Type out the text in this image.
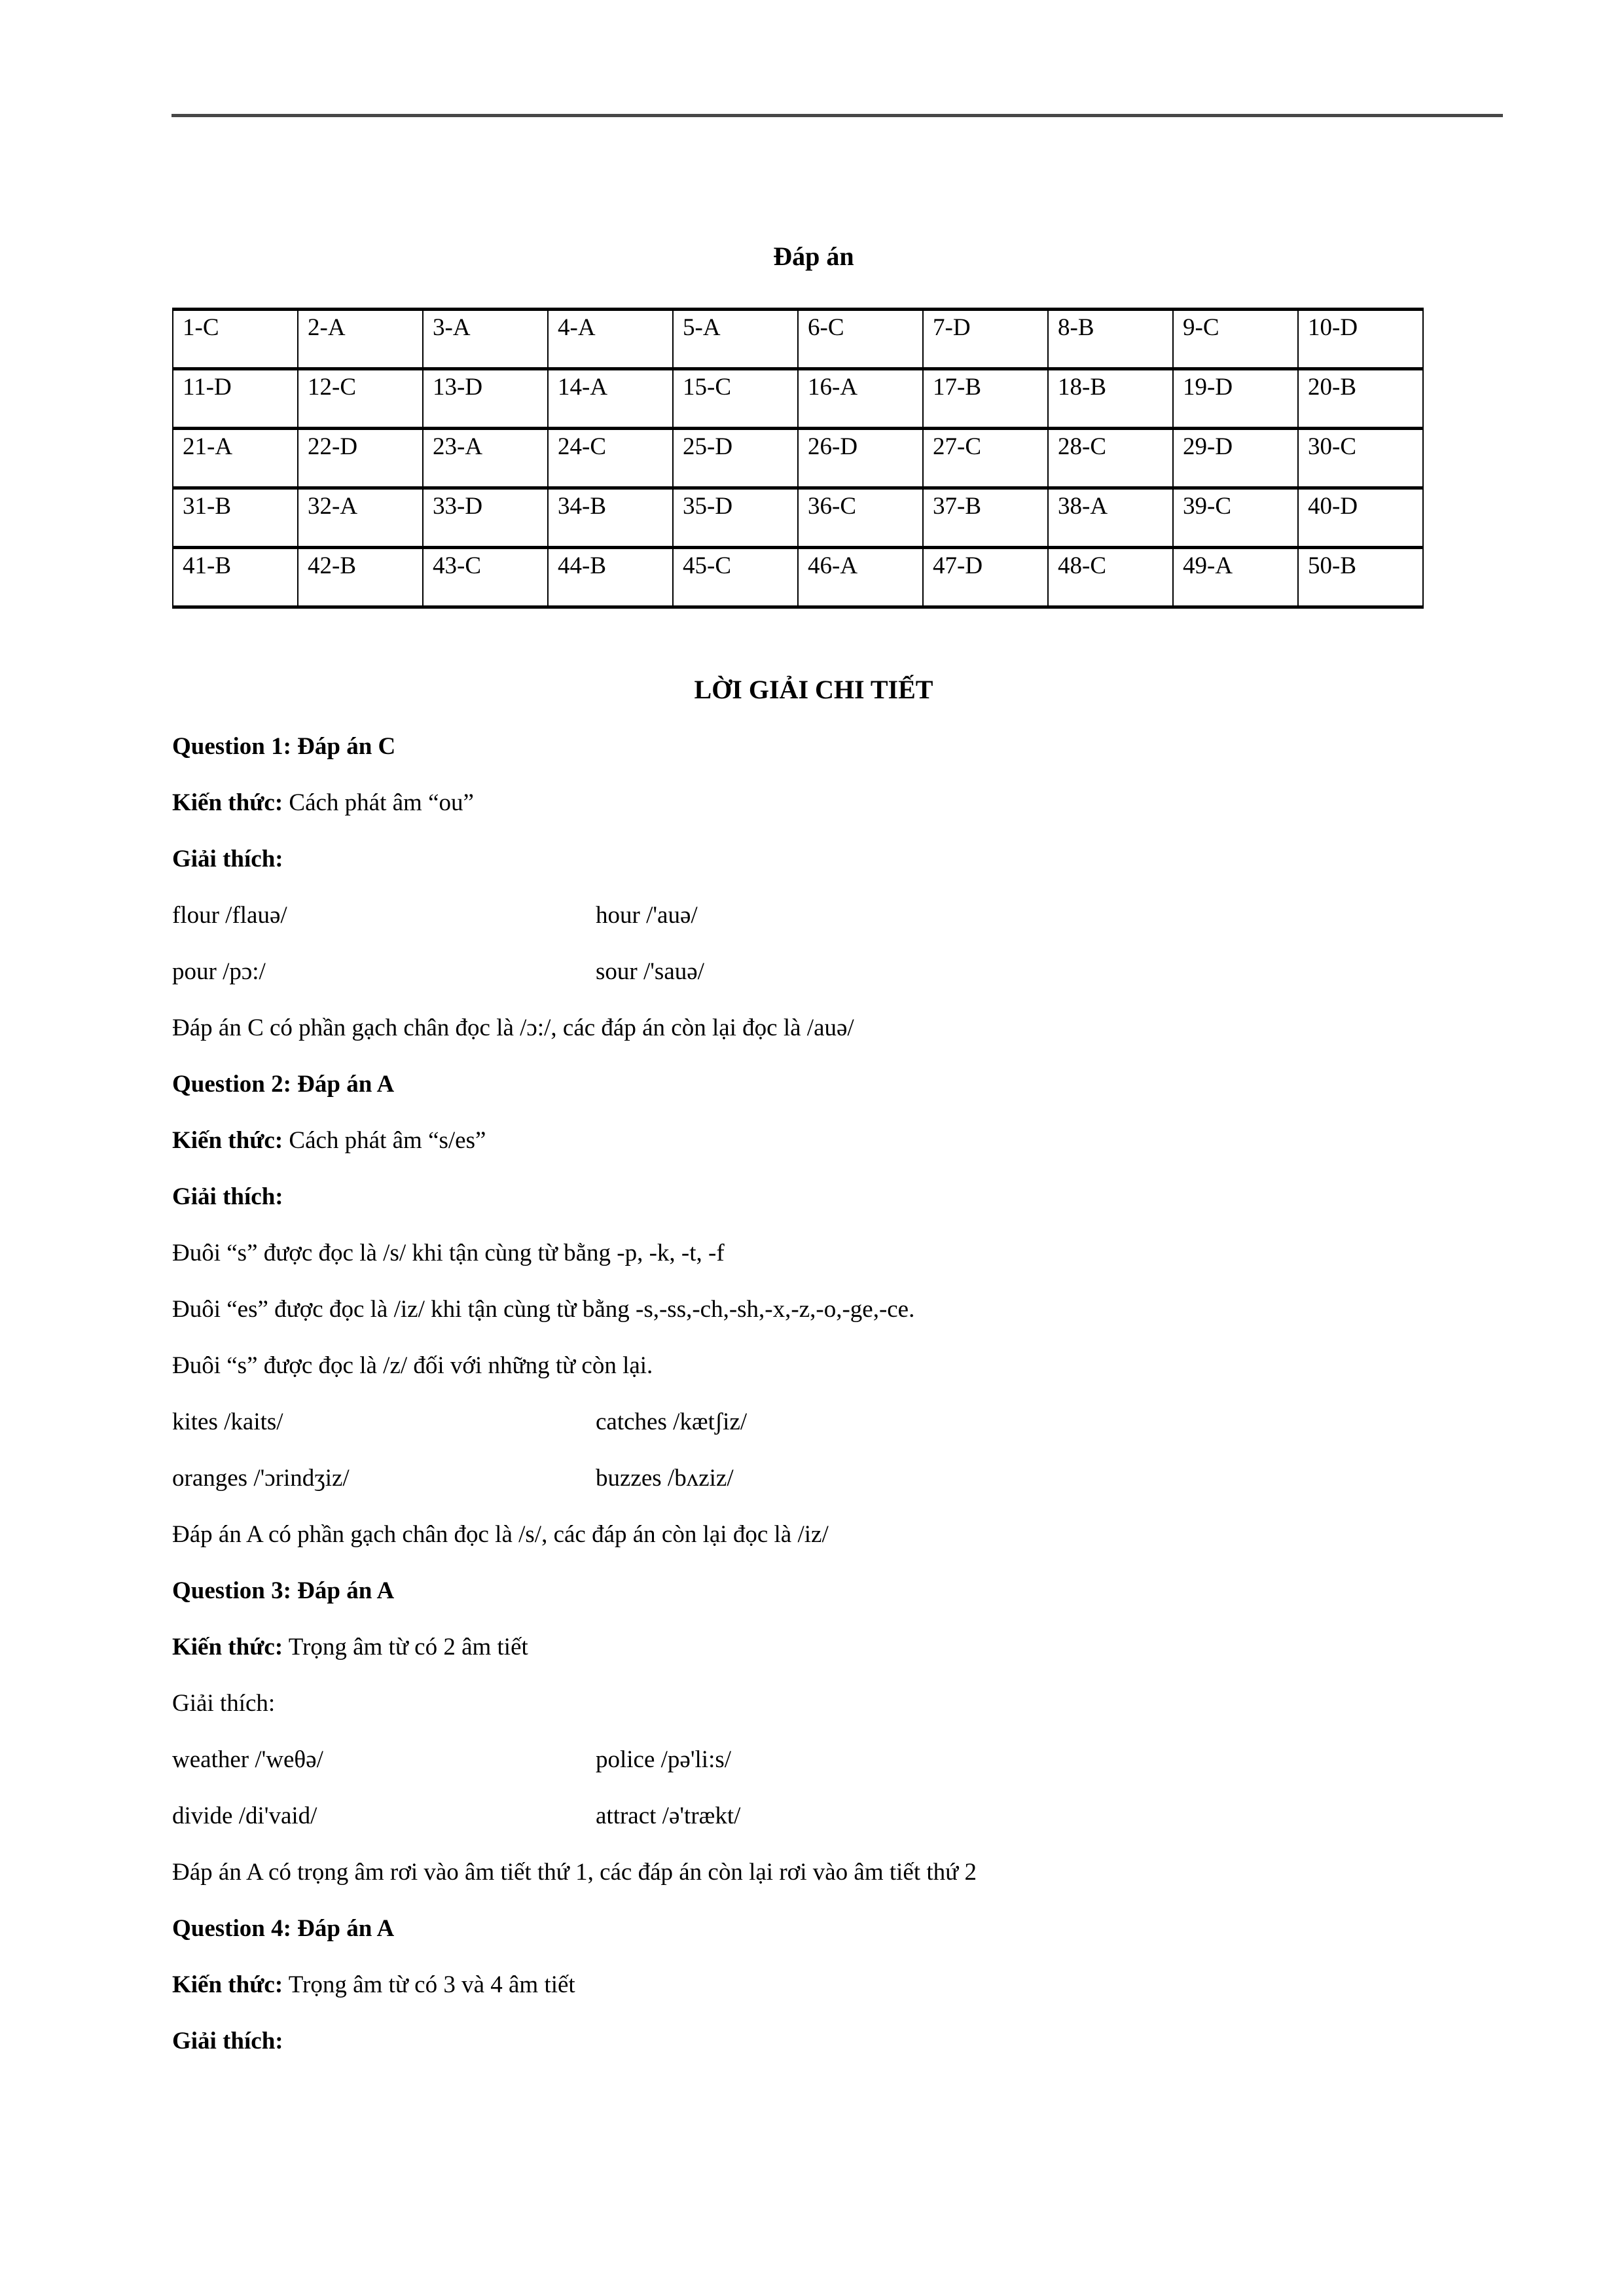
Đáp án
1-C	2-A	3-A	4-A	5-A	6-C	7-D	8-B	9-C	10-D
11-D	12-C	13-D	14-A	15-C	16-A	17-B	18-B	19-D	20-B
21-A	22-D	23-A	24-C	25-D	26-D	27-C	28-C	29-D	30-C
31-B	32-A	33-D	34-B	35-D	36-C	37-B	38-A	39-C	40-D
41-B	42-B	43-C	44-B	45-C	46-A	47-D	48-C	49-A	50-B
LỜI GIẢI CHI TIẾT
Question 1: Đáp án C
Kiến thức: Cách phát âm “ou”
Giải thích:
flour /flauə/	hour /'auə/
pour /pɔ:/	sour /'sauə/
Đáp án C có phần gạch chân đọc là /ɔ:/, các đáp án còn lại đọc là /auə/
Question 2: Đáp án A
Kiến thức: Cách phát âm “s/es”
Giải thích:
Đuôi “s” được đọc là /s/ khi tận cùng từ bằng -p, -k, -t, -f
Đuôi “es” được đọc là /iz/ khi tận cùng từ bằng -s,-ss,-ch,-sh,-x,-z,-o,-ge,-ce.
Đuôi “s” được đọc là /z/ đối với những từ còn lại.
kites /kaits/	catches /kætʃiz/
oranges /'ɔrindʒiz/	buzzes /bʌziz/
Đáp án A có phần gạch chân đọc là /s/, các đáp án còn lại đọc là /iz/
Question 3: Đáp án A
Kiến thức: Trọng âm từ có 2 âm tiết
Giải thích:
weather /'weθə/	police /pə'li:s/
divide /di'vaid/	attract /ə'trækt/
Đáp án A có trọng âm rơi vào âm tiết thứ 1, các đáp án còn lại rơi vào âm tiết thứ 2
Question 4: Đáp án A
Kiến thức: Trọng âm từ có 3 và 4 âm tiết
Giải thích:
